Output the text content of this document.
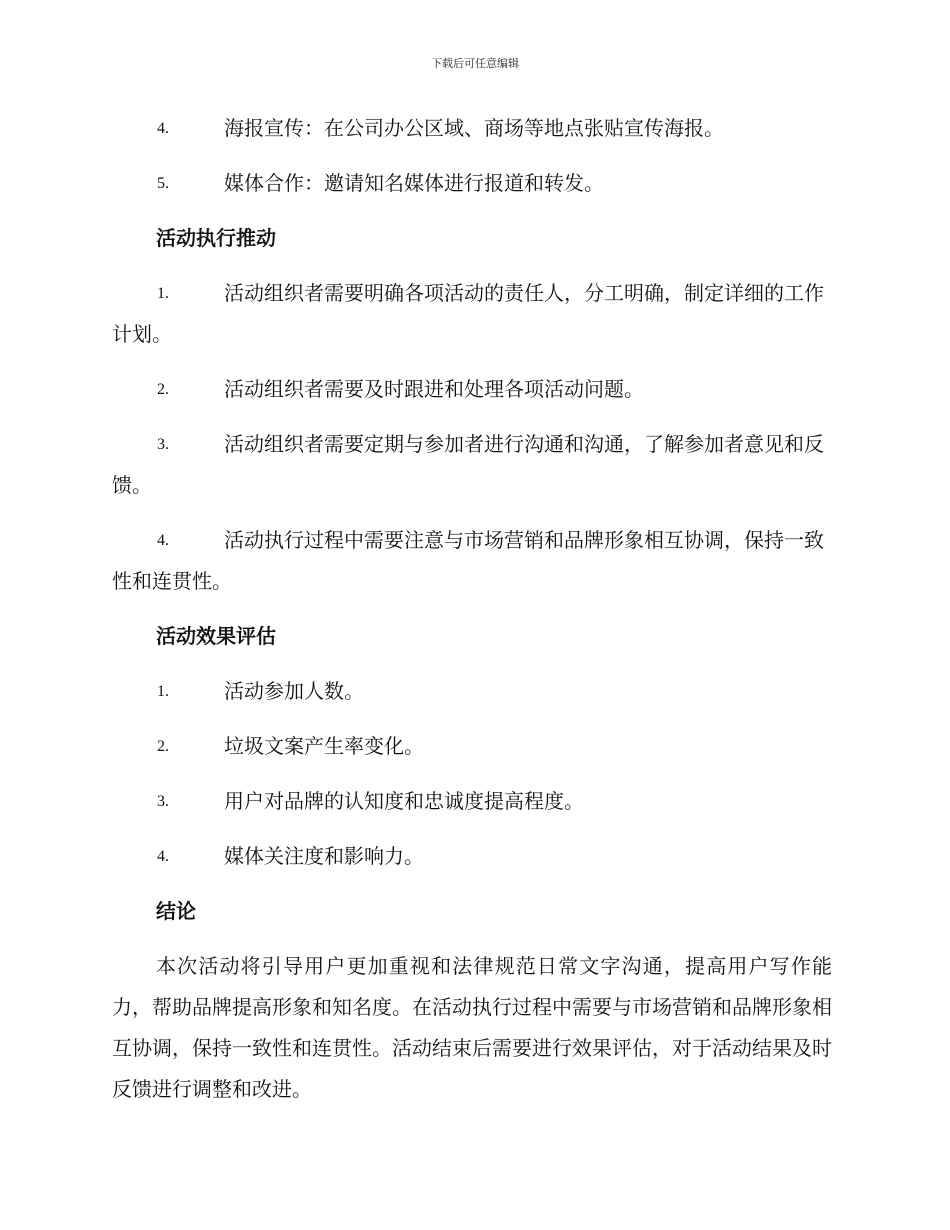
下载后可任意编辑
4.	海报宣传：在公司办公区域、商场等地点张贴宣传海报。
5.	媒体合作：邀请知名媒体进行报道和转发。
活动执行推动
1.	活动组织者需要明确各项活动的责任人，分工明确，制定详细的工作计划。
2.	活动组织者需要及时跟进和处理各项活动问题。
3.	活动组织者需要定期与参加者进行沟通和沟通，了解参加者意见和反馈。
4.	活动执行过程中需要注意与市场营销和品牌形象相互协调，保持一致性和连贯性。
活动效果评估
1.	活动参加人数。
2.	垃圾文案产生率变化。
3.	用户对品牌的认知度和忠诚度提高程度。
4.	媒体关注度和影响力。
结论

本次活动将引导用户更加重视和法律规范日常文字沟通，提高用户写作能力，帮助品牌提高形象和知名度。在活动执行过程中需要与市场营销和品牌形象相互协调，保持一致性和连贯性。活动结束后需要进行效果评估，对于活动结果及时反馈进行调整和改进。
